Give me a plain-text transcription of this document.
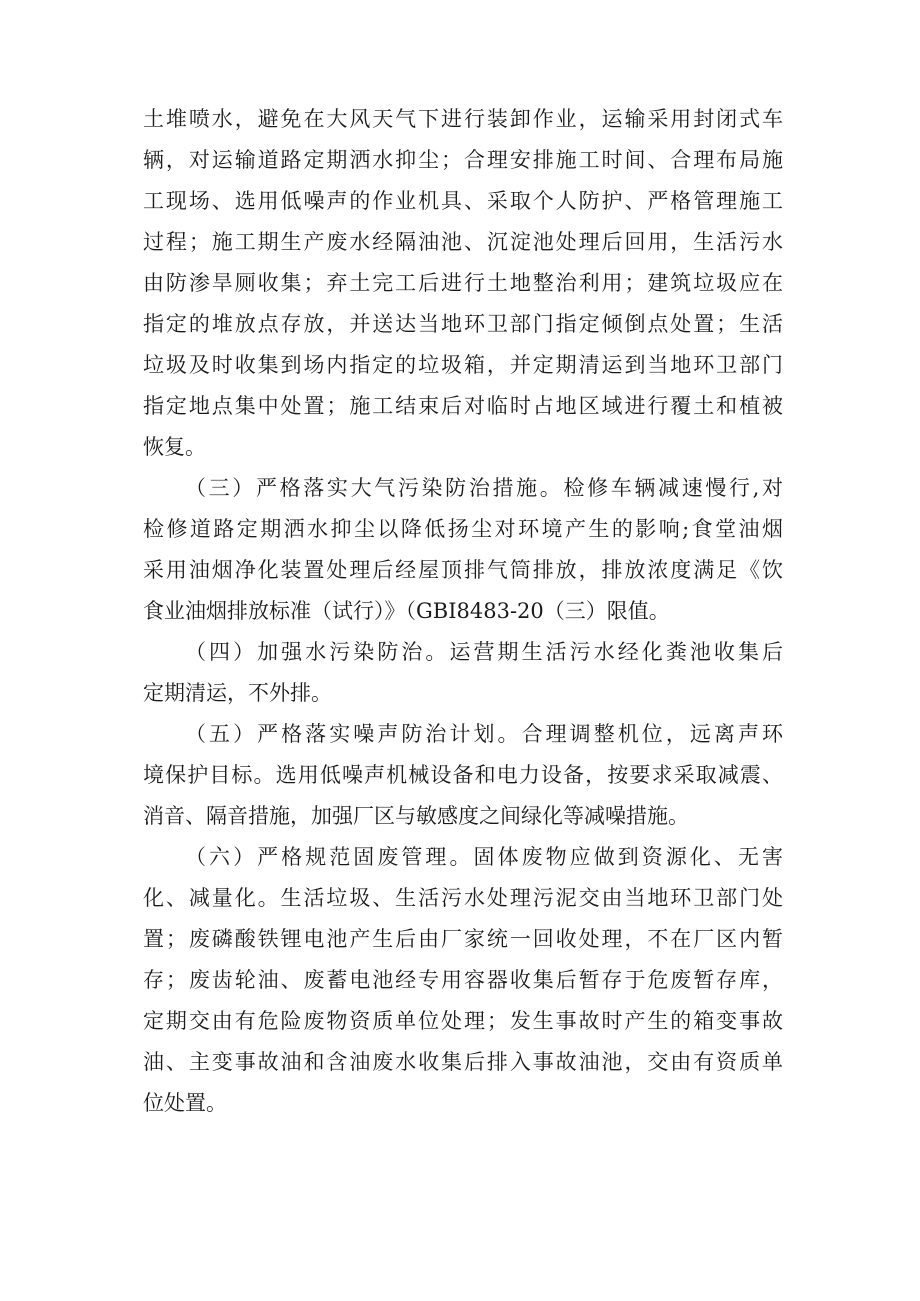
土堆喷水，避免在大风天气下进行装卸作业，运输采用封闭式车
辆，对运输道路定期洒水抑尘；合理安排施工时间、合理布局施
工现场、选用低噪声的作业机具、采取个人防护、严格管理施工
过程；施工期生产废水经隔油池、沉淀池处理后回用，生活污水
由防渗旱厕收集；弃土完工后进行土地整治利用；建筑垃圾应在
指定的堆放点存放，并送达当地环卫部门指定倾倒点处置；生活
垃圾及时收集到场内指定的垃圾箱，并定期清运到当地环卫部门
指定地点集中处置；施工结束后对临时占地区域进行覆土和植被
恢复。
（三）严格落实大气污染防治措施。检修车辆减速慢行,对
检修道路定期洒水抑尘以降低扬尘对环境产生的影响;食堂油烟
采用油烟净化装置处理后经屋顶排气筒排放，排放浓度满足《饮
食业油烟排放标准（试行）》（GBI8483-20（三）限值。
（四）加强水污染防治。运营期生活污水经化粪池收集后
定期清运，不外排。
（五）严格落实噪声防治计划。合理调整机位，远离声环
境保护目标。选用低噪声机械设备和电力设备，按要求采取减震、
消音、隔音措施，加强厂区与敏感度之间绿化等减噪措施。
（六）严格规范固废管理。固体废物应做到资源化、无害
化、减量化。生活垃圾、生活污水处理污泥交由当地环卫部门处
置；废磷酸铁锂电池产生后由厂家统一回收处理，不在厂区内暂
存；废齿轮油、废蓄电池经专用容器收集后暂存于危废暂存库，
定期交由有危险废物资质单位处理；发生事故时产生的箱变事故
油、主变事故油和含油废水收集后排入事故油池，交由有资质单
位处置。
